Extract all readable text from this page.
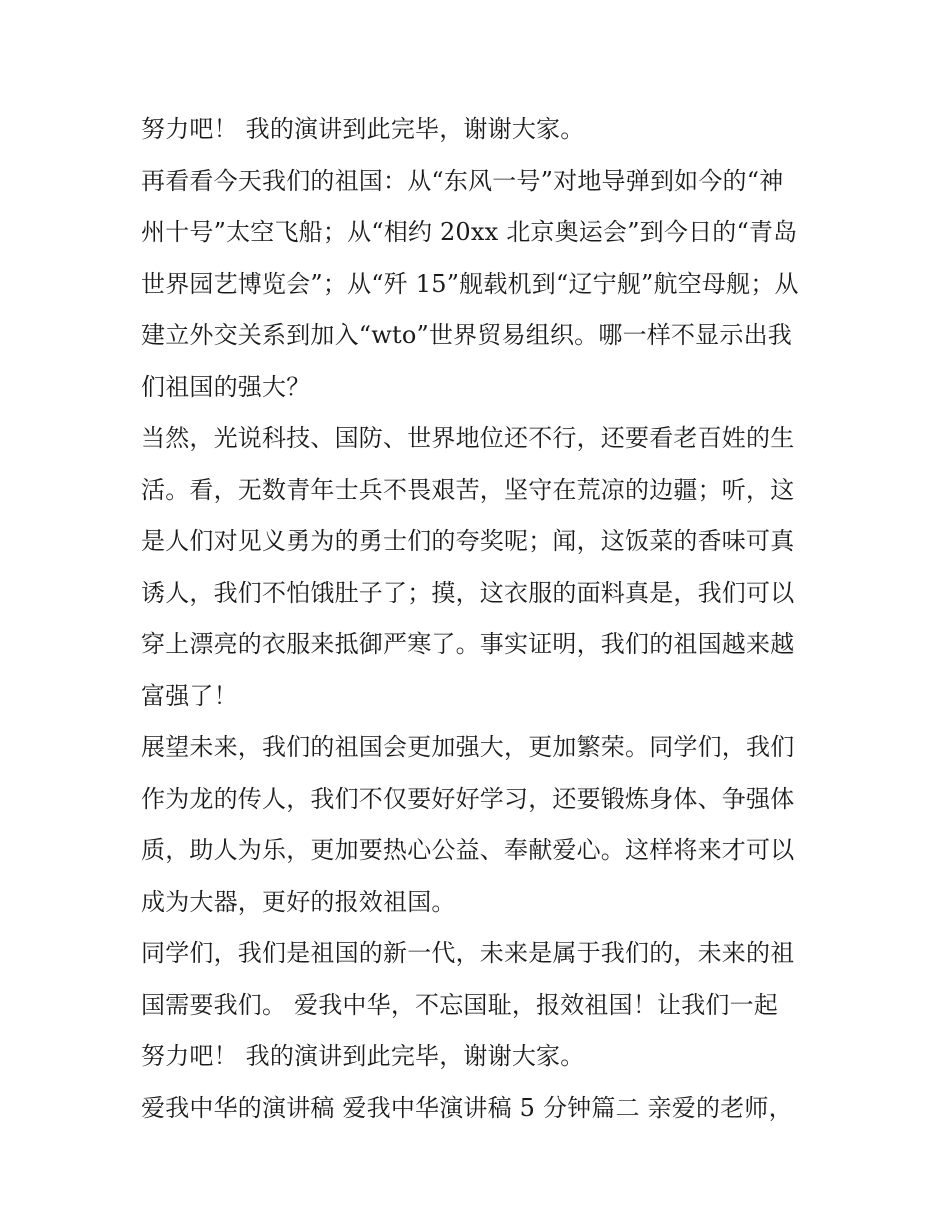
努力吧！ 我的演讲到此完毕，谢谢大家。
再看看今天我们的祖国：从“东风一号”对地导弹到如今的“神
州十号”太空飞船；从“相约 20xx 北京奥运会”到今日的“青岛
世界园艺博览会”；从“歼 15”舰载机到“辽宁舰”航空母舰；从
建立外交关系到加入“wto”世界贸易组织。哪一样不显示出我
们祖国的强大？
当然，光说科技、国防、世界地位还不行，还要看老百姓的生
活。看，无数青年士兵不畏艰苦，坚守在荒凉的边疆；听，这
是人们对见义勇为的勇士们的夸奖呢；闻，这饭菜的香味可真
诱人，我们不怕饿肚子了；摸，这衣服的面料真是，我们可以
穿上漂亮的衣服来抵御严寒了。事实证明，我们的祖国越来越
富强了！
展望未来，我们的祖国会更加强大，更加繁荣。同学们，我们
作为龙的传人，我们不仅要好好学习，还要锻炼身体、争强体
质，助人为乐，更加要热心公益、奉献爱心。这样将来才可以
成为大器，更好的报效祖国。
同学们，我们是祖国的新一代，未来是属于我们的，未来的祖
国需要我们。 爱我中华，不忘国耻，报效祖国！让我们一起
努力吧！ 我的演讲到此完毕，谢谢大家。
爱我中华的演讲稿 爱我中华演讲稿 5 分钟篇二 亲爱的老师，
